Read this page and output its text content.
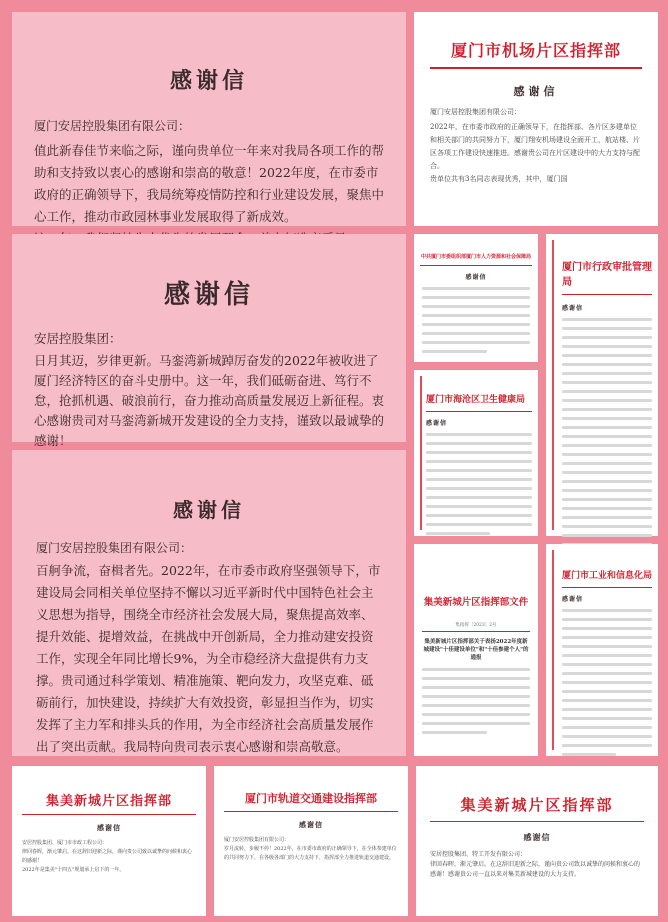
感谢信

厦门安居控股集团有限公司：

值此新春佳节来临之际，谨向贵单位一年来对我局各项工作的帮助和支持致以衷心的感谢和崇高的敬意！2022年度，在市委市政府的正确领导下，我局统筹疫情防控和行业建设发展，聚焦中心工作，推动市政园林事业发展取得了新成效。

厦门市机场片区指挥部
感谢信

厦门安居控股集团有限公司：

2022年，在市委市政府的正确领导下，在指挥部、各片区多建单位和相关部门的共同努力下，厦门翔安机场建设全面开工，航站楼、片区各项工作建设快速推进。感谢贵公司在片区建设中的大力支持与配合。
贵单位共有3名同志表现优秀，其中，厦门国

感谢信

安居控股集团：

日月其迈，岁律更新。马銮湾新城踔厉奋发的2022年被收进了厦门经济特区的奋斗史册中。这一年，我们砥砺奋进、笃行不怠，抢抓机遇、破浪前行，奋力推动高质量发展迈上新征程。衷心感谢贵司对马銮湾新城开发建设的全力支持，谨致以最诚挚的感谢！

中共厦门市委组织部厦门市人力资源和社会保障局
感谢信
厦门市行政审批管理局
感谢信
厦门市海沧区卫生健康局
感谢信
感谢信

厦门安居控股集团有限公司：

百舸争流，奋楫者先。2022年，在市委市政府坚强领导下，市建设局会同相关单位坚持不懈以习近平新时代中国特色社会主义思想为指导，围绕全市经济社会发展大局，聚焦提高效率、提升效能、提增效益，在挑战中开创新局，全力推动建安投资工作，实现全年同比增长9%，为全市稳经济大盘提供有力支撑。贵司通过科学策划、精准施策、靶向发力，攻坚克难、砥砺前行，加快建设，持续扩大有效投资，彰显担当作为，切实发挥了主力军和排头兵的作用，为全市经济社会高质量发展作出了突出贡献。我局特向贵司表示衷心感谢和崇高敬意。

集美新城片区指挥部文件
集指挥〔2023〕2号
集美新城片区指挥部关于表扬2022年度新城建设"十佳建设单位"和"十佳参建个人"的通报
厦门市工业和信息化局
感谢信
集美新城片区指挥部
感谢信

安居控股集团、厦门市市政工程公司：

律回春晖，渐元肇启。在这辞旧迎新之际，谨向贵公司致以诚挚的问候和衷心的感谢！
2022年是集美"十四五"规划承上启下的一年。

厦门市轨道交通建设指挥部
感谢信

厦门安居控股集团有限公司：

岁月流转，步履不停！2022年，在市委市政府的正确领导下，在全体参建单位的共同努力下，在各级各部门的大力支持下，指挥部全力推进轨道交通建设。

集美新城片区指挥部
感谢信

安居控股集团、特工开发有限公司：

律回春晖，渐元肇启。在这辞旧迎新之际，谨向贵公司致以诚挚的问候和衷心的感谢！感谢贵公司一直以来对集美新城建设的大力支持。
